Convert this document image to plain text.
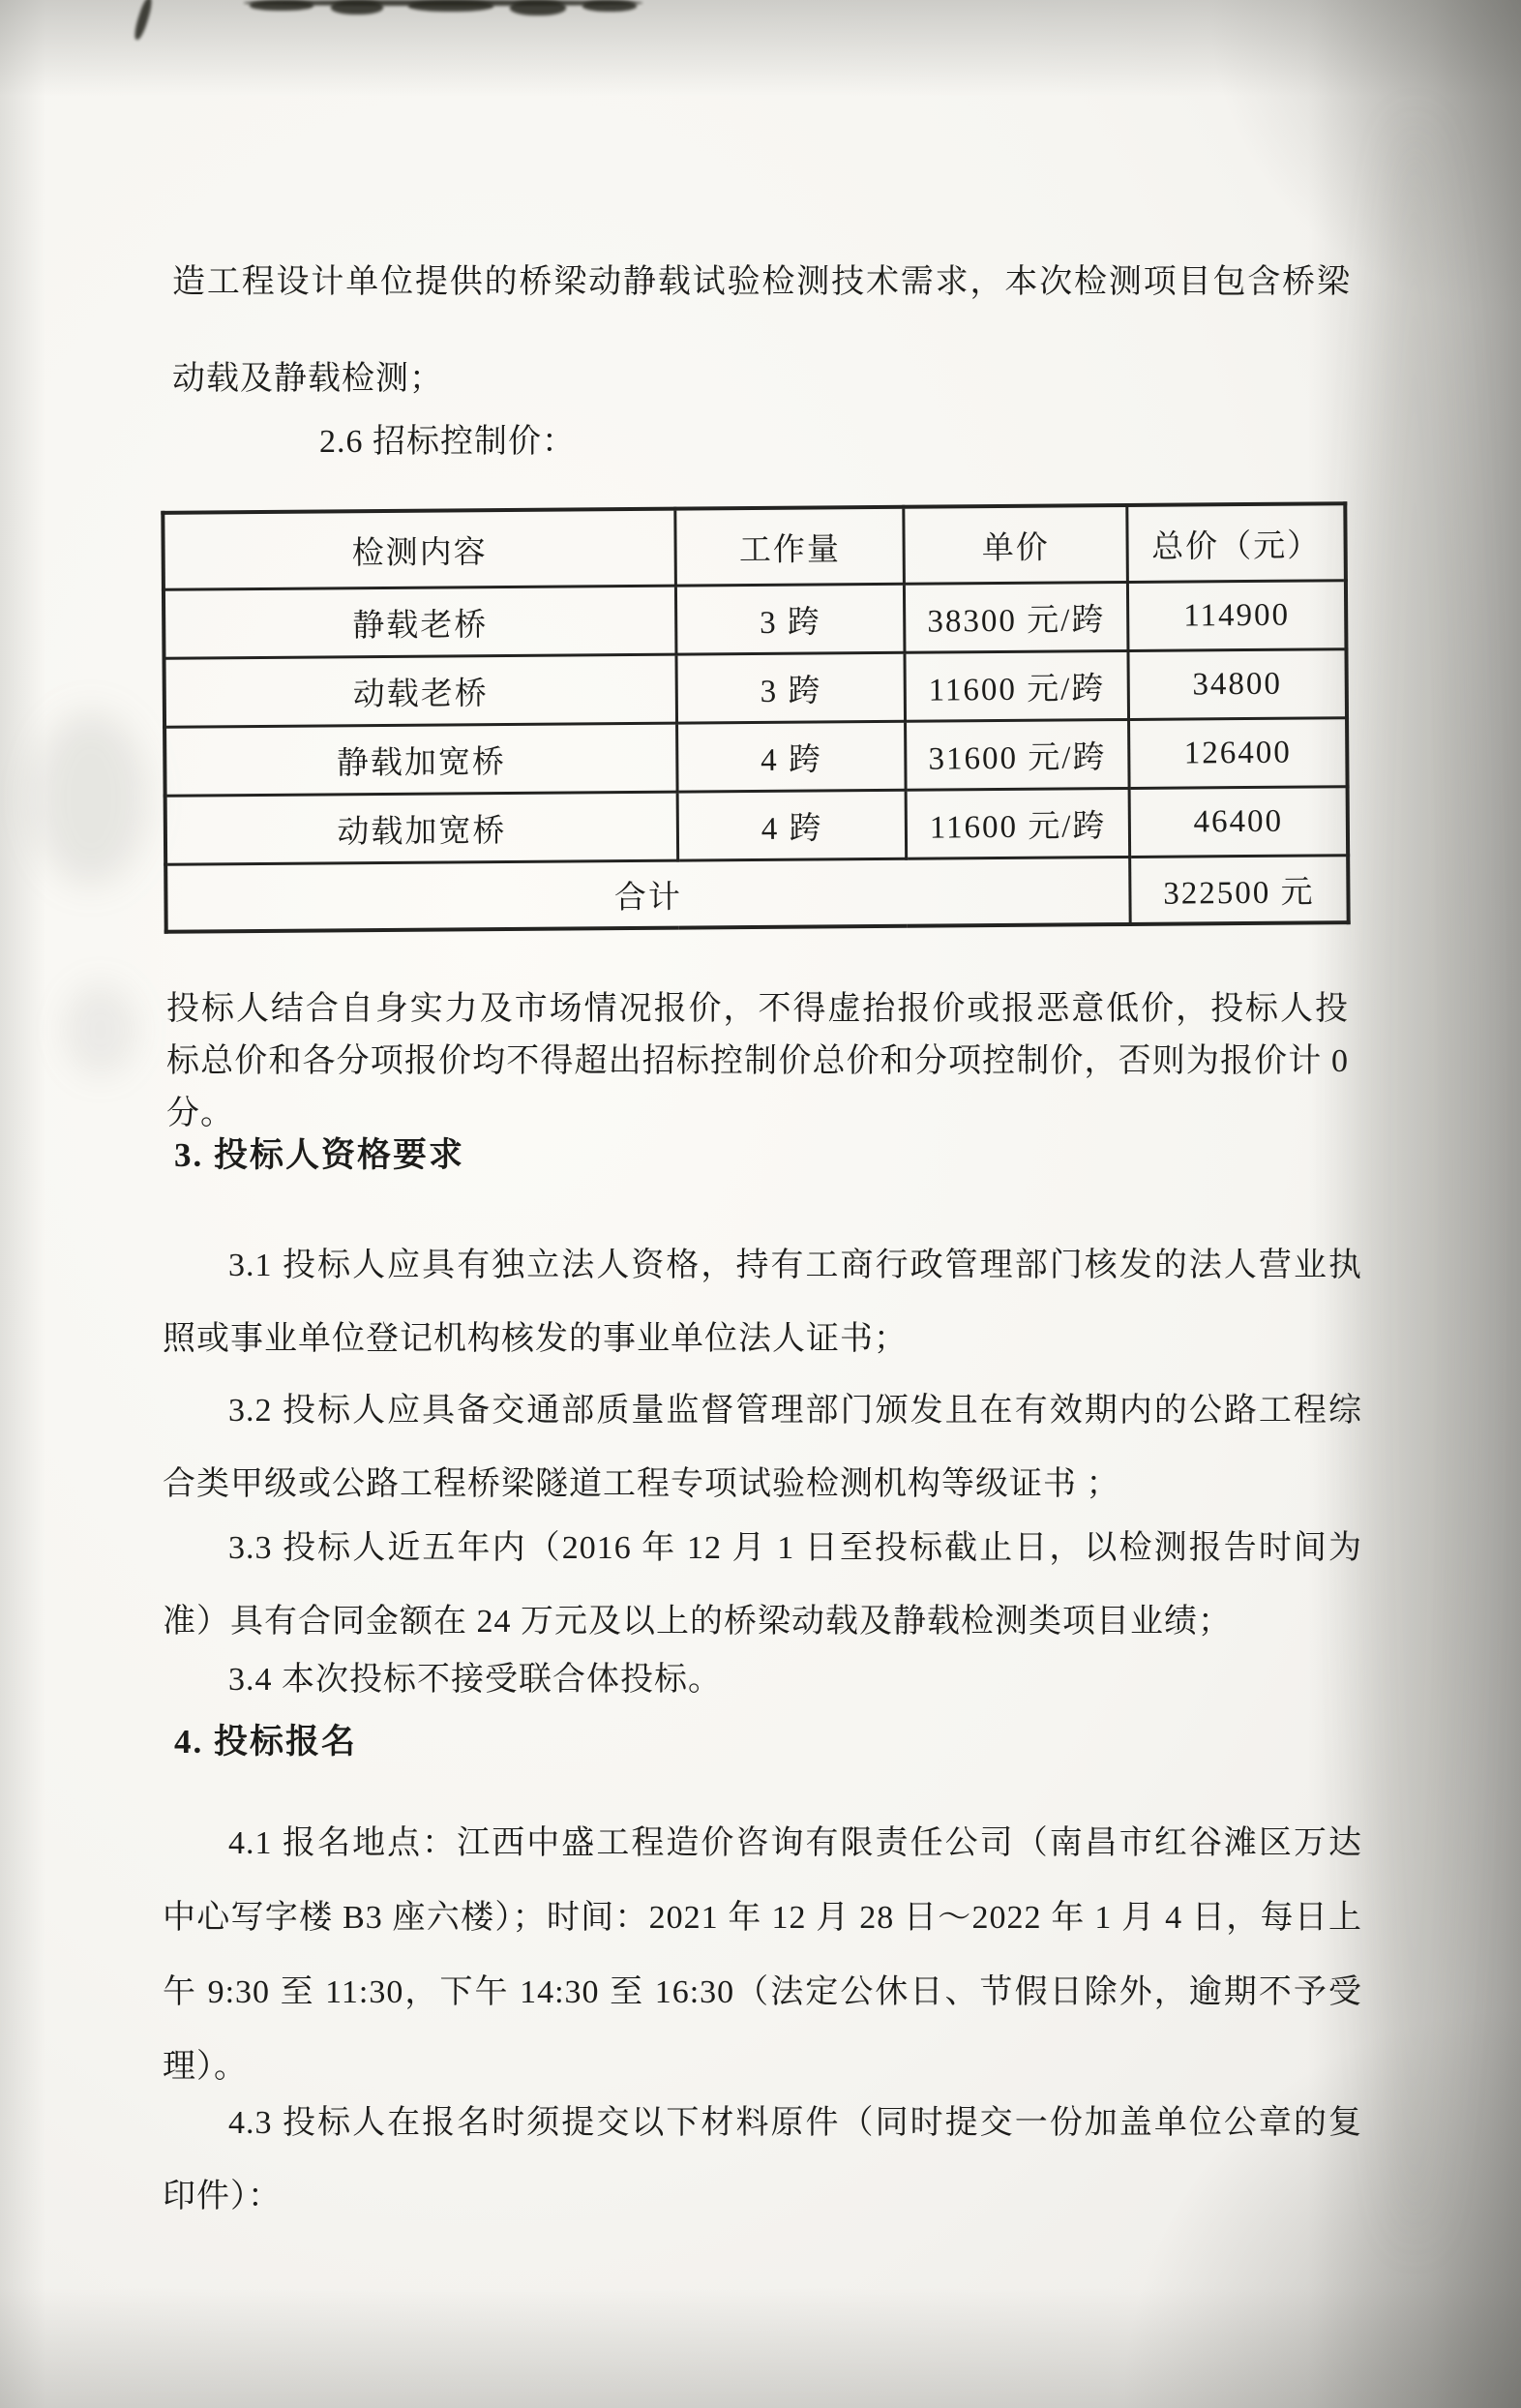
造工程设计单位提供的桥梁动静载试验检测技术需求，本次检测项目包含桥梁动载及静载检测；

2.6 招标控制价：
检测内容	工作量	单价	总价（元）
静载老桥	3 跨	38300 元/跨	114900
动载老桥	3 跨	11600 元/跨	34800
静载加宽桥	4 跨	31600 元/跨	126400
动载加宽桥	4 跨	11600 元/跨	46400
合计			322500 元

投标人结合自身实力及市场情况报价，不得虚抬报价或报恶意低价，投标人投标总价和各分项报价均不得超出招标控制价总价和分项控制价，否则为报价计 0 分。

3. 投标人资格要求

3.1 投标人应具有独立法人资格，持有工商行政管理部门核发的法人营业执照或事业单位登记机构核发的事业单位法人证书；

3.2 投标人应具备交通部质量监督管理部门颁发且在有效期内的公路工程综合类甲级或公路工程桥梁隧道工程专项试验检测机构等级证书 ；

3.3 投标人近五年内（2016 年 12 月 1 日至投标截止日，以检测报告时间为准）具有合同金额在 24 万元及以上的桥梁动载及静载检测类项目业绩；

3.4 本次投标不接受联合体投标。

4. 投标报名

4.1 报名地点：江西中盛工程造价咨询有限责任公司（南昌市红谷滩区万达中心写字楼 B3 座六楼）；时间：2021 年 12 月 28 日～2022 年 1 月 4 日，每日上午 9:30 至 11:30，下午 14:30 至 16:30（法定公休日、节假日除外，逾期不予受理）。

4.3 投标人在报名时须提交以下材料原件（同时提交一份加盖单位公章的复印件）：
